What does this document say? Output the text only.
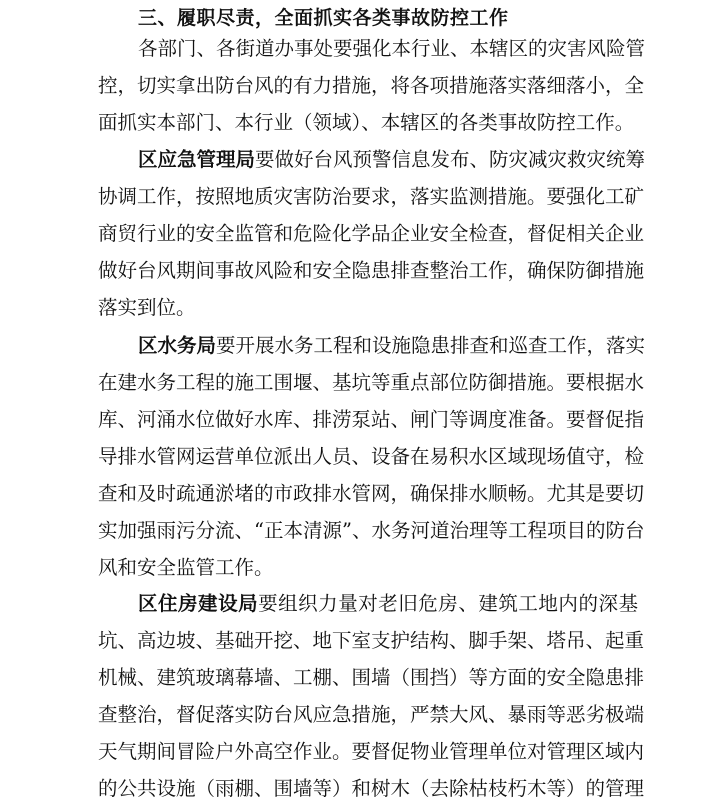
三、履职尽责，全面抓实各类事故防控工作
各部门、各街道办事处要强化本行业、本辖区的灾害风险管
控，切实拿出防台风的有力措施，将各项措施落实落细落小，全
面抓实本部门、本行业（领域）、本辖区的各类事故防控工作。
区应急管理局要做好台风预警信息发布、防灾减灾救灾统筹
协调工作，按照地质灾害防治要求，落实监测措施。要强化工矿
商贸行业的安全监管和危险化学品企业安全检查，督促相关企业
做好台风期间事故风险和安全隐患排查整治工作，确保防御措施
落实到位。
区水务局要开展水务工程和设施隐患排查和巡查工作，落实
在建水务工程的施工围堰、基坑等重点部位防御措施。要根据水
库、河涌水位做好水库、排涝泵站、闸门等调度准备。要督促指
导排水管网运营单位派出人员、设备在易积水区域现场值守，检
查和及时疏通淤堵的市政排水管网，确保排水顺畅。尤其是要切
实加强雨污分流、“正本清源”、水务河道治理等工程项目的防台
风和安全监管工作。
区住房建设局要组织力量对老旧危房、建筑工地内的深基
坑、高边坡、基础开挖、地下室支护结构、脚手架、塔吊、起重
机械、建筑玻璃幕墙、工棚、围墙（围挡）等方面的安全隐患排
查整治，督促落实防台风应急措施，严禁大风、暴雨等恶劣极端
天气期间冒险户外高空作业。要督促物业管理单位对管理区域内
的公共设施（雨棚、围墙等）和树木（去除枯枝朽木等）的管理
